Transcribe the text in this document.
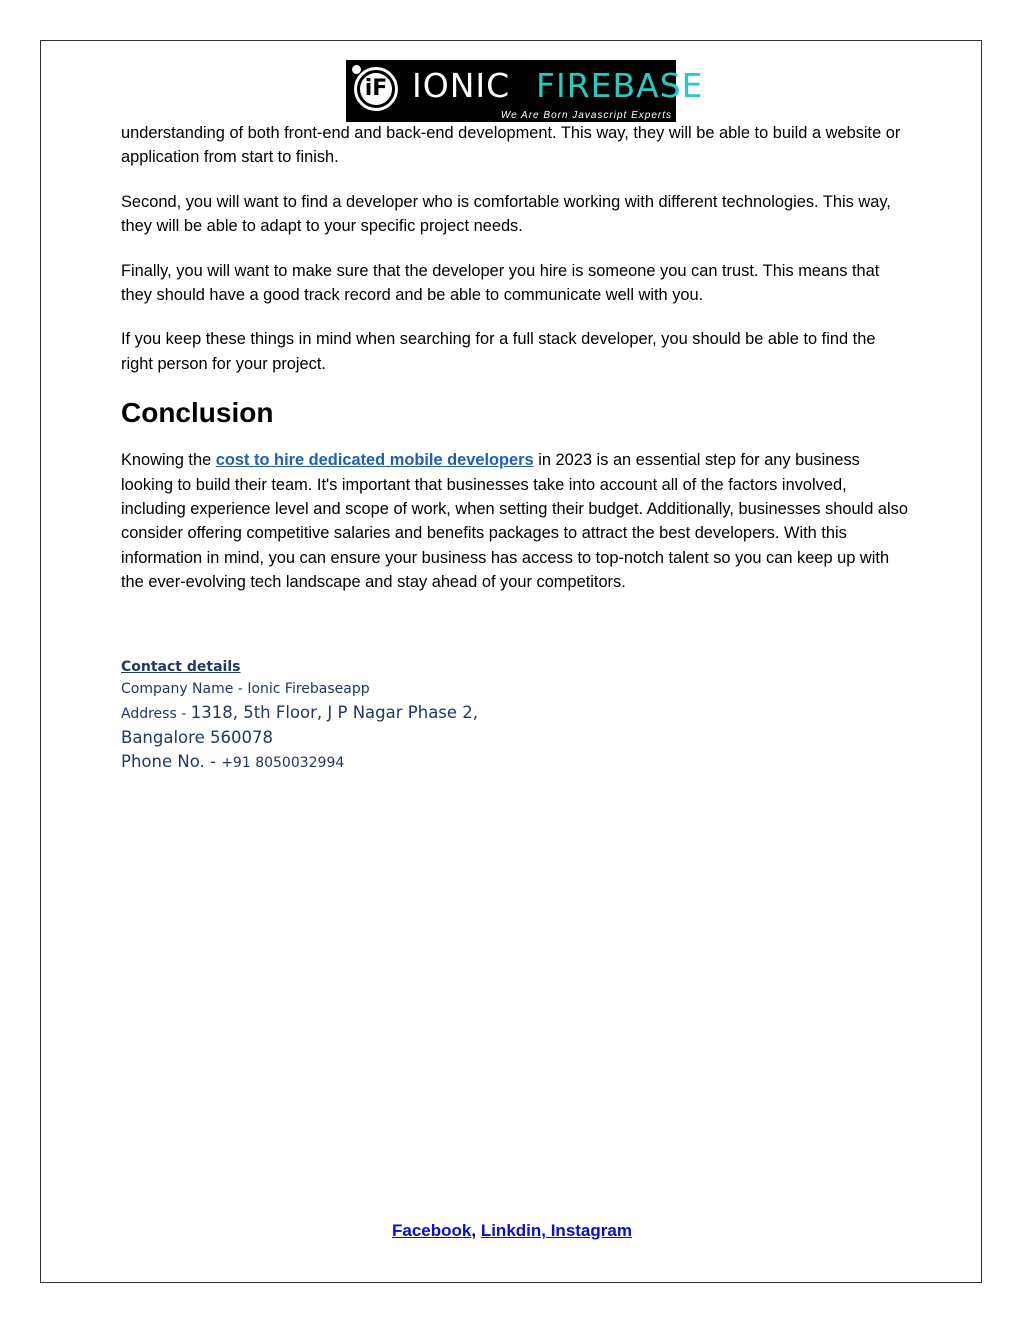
iF IONIC FIREBASE
We Are Born Javascript Experts

understanding of both front-end and back-end development. This way, they will be able to build a website or application from start to finish.

Second, you will want to find a developer who is comfortable working with different technologies. This way, they will be able to adapt to your specific project needs.

Finally, you will want to make sure that the developer you hire is someone you can trust. This means that they should have a good track record and be able to communicate well with you.

If you keep these things in mind when searching for a full stack developer, you should be able to find the right person for your project.

Conclusion

Knowing the cost to hire dedicated mobile developers in 2023 is an essential step for any business looking to build their team. It's important that businesses take into account all of the factors involved, including experience level and scope of work, when setting their budget. Additionally, businesses should also consider offering competitive salaries and benefits packages to attract the best developers. With this information in mind, you can ensure your business has access to top-notch talent so you can keep up with the ever-evolving tech landscape and stay ahead of your competitors.

Contact details
Company Name - Ionic Firebaseapp
Address - 1318, 5th Floor, J P Nagar Phase 2,
Bangalore 560078
Phone No. - +91 8050032994
Facebook, Linkdin, Instagram
